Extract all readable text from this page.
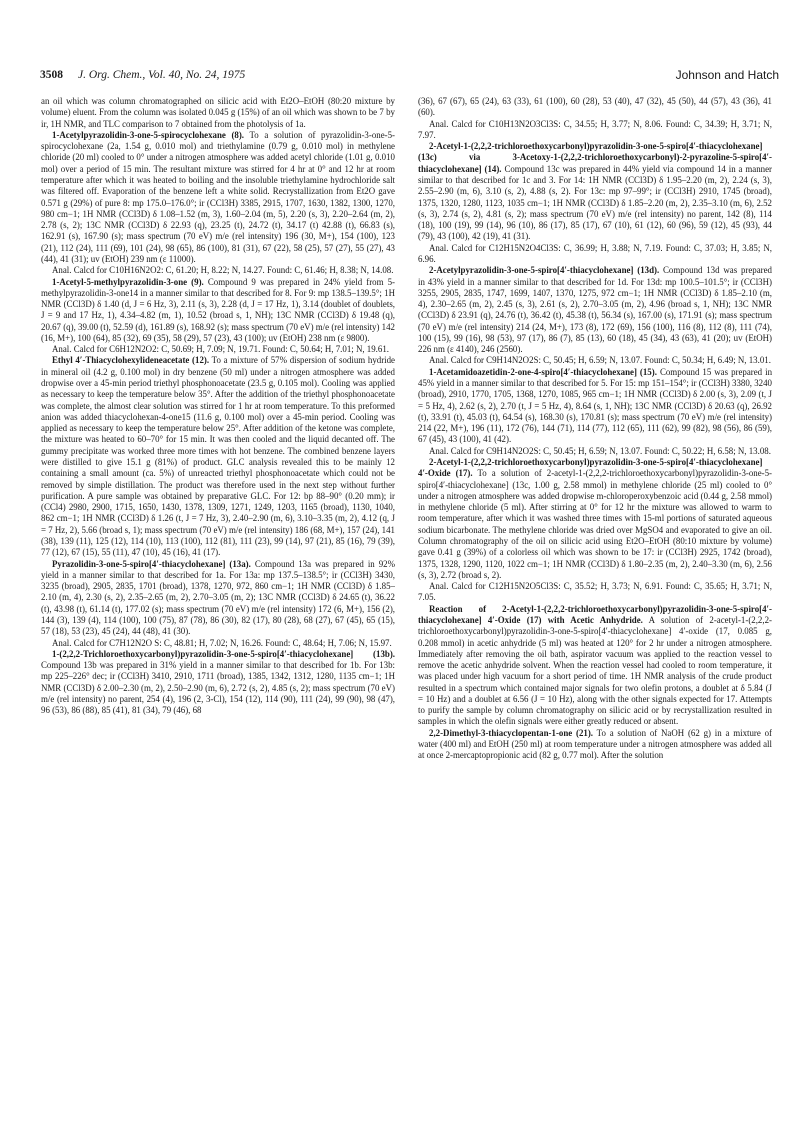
3508 J. Org. Chem., Vol. 40, No. 24, 1975	Johnson and Hatch

an oil which was column chromatographed on silicic acid with Et2O–EtOH (80:20 mixture by volume) eluent. From the column was isolated 0.045 g (15%) of an oil which was shown to be 7 by ir, 1H NMR, and TLC comparison to 7 obtained from the photolysis of 1a.

1-Acetylpyrazolidin-3-one-5-spirocyclohexane (8). To a solution of pyrazolidin-3-one-5-spirocyclohexane (2a, 1.54 g, 0.010 mol) and triethylamine (0.79 g, 0.010 mol) in methylene chloride (20 ml) cooled to 0° under a nitrogen atmosphere was added acetyl chloride (1.01 g, 0.010 mol) over a period of 15 min. The resultant mixture was stirred for 4 hr at 0° and 12 hr at room temperature after which it was heated to boiling and the insoluble triethylamine hydrochloride salt was filtered off. Evaporation of the benzene left a white solid. Recrystallization from Et2O gave 0.571 g (29%) of pure 8: mp 175.0–176.0°; ir (CCl3H) 3385, 2915, 1707, 1630, 1382, 1300, 1270, 980 cm−1; 1H NMR (CCl3D) δ 1.08–1.52 (m, 3), 1.60–2.04 (m, 5), 2.20 (s, 3), 2.20–2.64 (m, 2), 2.78 (s, 2); 13C NMR (CCl3D) δ 22.93 (q), 23.25 (t), 24.72 (t), 34.17 (t) 42.88 (t), 66.83 (s), 162.91 (s), 167.90 (s); mass spectrum (70 eV) m/e (rel intensity) 196 (30, M+), 154 (100), 123 (21), 112 (24), 111 (69), 101 (24), 98 (65), 86 (100), 81 (31), 67 (22), 58 (25), 57 (27), 55 (27), 43 (44), 41 (31); uv (EtOH) 239 nm (ε 11000).

Anal. Calcd for C10H16N2O2: C, 61.20; H, 8.22; N, 14.27. Found: C, 61.46; H, 8.38; N, 14.08.

1-Acetyl-5-methylpyrazolidin-3-one (9). Compound 9 was prepared in 24% yield from 5-methylpyrazolidin-3-one14 in a manner similar to that described for 8. For 9: mp 138.5–139.5°; 1H NMR (CCl3D) δ 1.40 (d, J = 6 Hz, 3), 2.11 (s, 3), 2.28 (d, J = 17 Hz, 1), 3.14 (doublet of doublets, J = 9 and 17 Hz, 1), 4.34–4.82 (m, 1), 10.52 (broad s, 1, NH); 13C NMR (CCl3D) δ 19.48 (q), 20.67 (q), 39.00 (t), 52.59 (d), 161.89 (s), 168.92 (s); mass spectrum (70 eV) m/e (rel intensity) 142 (16, M+), 100 (64), 85 (32), 69 (35), 58 (29), 57 (23), 43 (100); uv (EtOH) 238 nm (ε 9800).

Anal. Calcd for C6H12N2O2: C, 50.69; H, 7.09; N, 19.71. Found: C, 50.64; H, 7.01; N, 19.61.

Ethyl 4′-Thiacyclohexylideneacetate (12). To a mixture of 57% dispersion of sodium hydride in mineral oil (4.2 g, 0.100 mol) in dry benzene (50 ml) under a nitrogen atmosphere was added dropwise over a 45-min period triethyl phosphonoacetate (23.5 g, 0.105 mol). Cooling was applied as necessary to keep the temperature below 35°. After the addition of the triethyl phosphonoacetate was complete, the almost clear solution was stirred for 1 hr at room temperature. To this preformed anion was added thiacyclohexan-4-one15 (11.6 g, 0.100 mol) over a 45-min period. Cooling was applied as necessary to keep the temperature below 25°. After addition of the ketone was complete, the mixture was heated to 60–70° for 15 min. It was then cooled and the liquid decanted off. The gummy precipitate was worked three more times with hot benzene. The combined benzene layers were distilled to give 15.1 g (81%) of product. GLC analysis revealed this to be mainly 12 containing a small amount (ca. 5%) of unreacted triethyl phosphonoacetate which could not be removed by simple distillation. The product was therefore used in the next step without further purification. A pure sample was obtained by preparative GLC. For 12: bp 88–90° (0.20 mm); ir (CCl4) 2980, 2900, 1715, 1650, 1430, 1378, 1309, 1271, 1249, 1203, 1165 (broad), 1130, 1040, 862 cm−1; 1H NMR (CCl3D) δ 1.26 (t, J = 7 Hz, 3), 2.40–2.90 (m, 6), 3.10–3.35 (m, 2), 4.12 (q, J = 7 Hz, 2), 5.66 (broad s, 1); mass spectrum (70 eV) m/e (rel intensity) 186 (68, M+), 157 (24), 141 (38), 139 (11), 125 (12), 114 (10), 113 (100), 112 (81), 111 (23), 99 (14), 97 (21), 85 (16), 79 (39), 77 (12), 67 (15), 55 (11), 47 (10), 45 (16), 41 (17).

Pyrazolidin-3-one-5-spiro[4′-thiacyclohexane] (13a). Compound 13a was prepared in 92% yield in a manner similar to that described for 1a. For 13a: mp 137.5–138.5°; ir (CCl3H) 3430, 3235 (broad), 2905, 2835, 1701 (broad), 1378, 1270, 972, 860 cm−1; 1H NMR (CCl3D) δ 1.85–2.10 (m, 4), 2.30 (s, 2), 2.35–2.65 (m, 2), 2.70–3.05 (m, 2); 13C NMR (CCl3D) δ 24.65 (t), 36.22 (t), 43.98 (t), 61.14 (t), 177.02 (s); mass spectrum (70 eV) m/e (rel intensity) 172 (6, M+), 156 (2), 144 (3), 139 (4), 114 (100), 100 (75), 87 (78), 86 (30), 82 (17), 80 (28), 68 (27), 67 (45), 65 (15), 57 (18), 53 (23), 45 (24), 44 (48), 41 (30).

Anal. Calcd for C7H12N2O S: C, 48.81; H, 7.02; N, 16.26. Found: C, 48.64; H, 7.06; N, 15.97.

1-(2,2,2-Trichloroethoxycarbonyl)pyrazolidin-3-one-5-spiro[4′-thiacyclohexane] (13b). Compound 13b was prepared in 31% yield in a manner similar to that described for 1b. For 13b: mp 225–226° dec; ir (CCl3H) 3410, 2910, 1711 (broad), 1385, 1342, 1312, 1280, 1135 cm−1; 1H NMR (CCl3D) δ 2.00–2.30 (m, 2), 2.50–2.90 (m, 6), 2.72 (s, 2), 4.85 (s, 2); mass spectrum (70 eV) m/e (rel intensity) no parent, 254 (4), 196 (2, 3-Cl), 154 (12), 114 (90), 111 (24), 99 (90), 98 (47), 96 (53), 86 (88), 85 (41), 81 (34), 79 (46), 68

(36), 67 (67), 65 (24), 63 (33), 61 (100), 60 (28), 53 (40), 47 (32), 45 (50), 44 (57), 43 (36), 41 (60).

Anal. Calcd for C10H13N2O3Cl3S: C, 34.55; H, 3.77; N, 8.06. Found: C, 34.39; H, 3.71; N, 7.97.

2-Acetyl-1-(2,2,2-trichloroethoxycarbonyl)pyrazolidin-3-one-5-spiro[4′-thiacyclohexane] (13c) via 3-Acetoxy-1-(2,2,2-trichloroethoxycarbonyl)-2-pyrazoline-5-spiro[4′-thiacyclohexane] (14). Compound 13c was prepared in 44% yield via compound 14 in a manner similar to that described for 1c and 3. For 14: 1H NMR (CCl3D) δ 1.95–2.20 (m, 2), 2.24 (s, 3), 2.55–2.90 (m, 6), 3.10 (s, 2), 4.88 (s, 2). For 13c: mp 97–99°; ir (CCl3H) 2910, 1745 (broad), 1375, 1320, 1280, 1123, 1035 cm−1; 1H NMR (CCl3D) δ 1.85–2.20 (m, 2), 2.35–3.10 (m, 6), 2.52 (s, 3), 2.74 (s, 2), 4.81 (s, 2); mass spectrum (70 eV) m/e (rel intensity) no parent, 142 (8), 114 (18), 100 (19), 99 (14), 96 (10), 86 (17), 85 (17), 67 (10), 61 (12), 60 (96), 59 (12), 45 (93), 44 (79), 43 (100), 42 (19), 41 (31).

Anal. Calcd for C12H15N2O4Cl3S: C, 36.99; H, 3.88; N, 7.19. Found: C, 37.03; H, 3.85; N, 6.96.

2-Acetylpyrazolidin-3-one-5-spiro[4′-thiacyclohexane] (13d). Compound 13d was prepared in 43% yield in a manner similar to that described for 1d. For 13d: mp 100.5–101.5°; ir (CCl3H) 3255, 2905, 2835, 1747, 1699, 1407, 1370, 1275, 972 cm−1; 1H NMR (CCl3D) δ 1.85–2.10 (m, 4), 2.30–2.65 (m, 2), 2.45 (s, 3), 2.61 (s, 2), 2.70–3.05 (m, 2), 4.96 (broad s, 1, NH); 13C NMR (CCl3D) δ 23.91 (q), 24.76 (t), 36.42 (t), 45.38 (t), 56.34 (s), 167.00 (s), 171.91 (s); mass spectrum (70 eV) m/e (rel intensity) 214 (24, M+), 173 (8), 172 (69), 156 (100), 116 (8), 112 (8), 111 (74), 100 (15), 99 (16), 98 (53), 97 (17), 86 (7), 85 (13), 60 (18), 45 (34), 43 (63), 41 (20); uv (EtOH) 226 nm (ε 4140), 246 (2560).

Anal. Calcd for C9H14N2O2S: C, 50.45; H, 6.59; N, 13.07. Found: C, 50.34; H, 6.49; N, 13.01.

1-Acetamidoazetidin-2-one-4-spiro[4′-thiacyclohexane] (15). Compound 15 was prepared in 45% yield in a manner similar to that described for 5. For 15: mp 151–154°; ir (CCl3H) 3380, 3240 (broad), 2910, 1770, 1705, 1368, 1270, 1085, 965 cm−1; 1H NMR (CCl3D) δ 2.00 (s, 3), 2.09 (t, J = 5 Hz, 4), 2.62 (s, 2), 2.70 (t, J = 5 Hz, 4), 8.64 (s, 1, NH); 13C NMR (CCl3D) δ 20.63 (q), 26.92 (t), 33.91 (t), 45.03 (t), 64.54 (s), 168.30 (s), 170.81 (s); mass spectrum (70 eV) m/e (rel intensity) 214 (22, M+), 196 (11), 172 (76), 144 (71), 114 (77), 112 (65), 111 (62), 99 (82), 98 (56), 86 (59), 67 (45), 43 (100), 41 (42).

Anal. Calcd for C9H14N2O2S: C, 50.45; H, 6.59; N, 13.07. Found: C, 50.22; H, 6.58; N, 13.08.

2-Acetyl-1-(2,2,2-trichloroethoxycarbonyl)pyrazolidin-3-one-5-spiro[4′-thiacyclohexane] 4′-Oxide (17). To a solution of 2-acetyl-1-(2,2,2-trichloroethoxycarbonyl)pyrazolidin-3-one-5-spiro[4′-thiacyclohexane] (13c, 1.00 g, 2.58 mmol) in methylene chloride (25 ml) cooled to 0° under a nitrogen atmosphere was added dropwise m-chloroperoxybenzoic acid (0.44 g, 2.58 mmol) in methylene chloride (5 ml). After stirring at 0° for 12 hr the mixture was allowed to warm to room temperature, after which it was washed three times with 15-ml portions of saturated aqueous sodium bicarbonate. The methylene chloride was dried over MgSO4 and evaporated to give an oil. Column chromatography of the oil on silicic acid using Et2O–EtOH (80:10 mixture by volume) gave 0.41 g (39%) of a colorless oil which was shown to be 17: ir (CCl3H) 2925, 1742 (broad), 1375, 1328, 1290, 1120, 1022 cm−1; 1H NMR (CCl3D) δ 1.80–2.35 (m, 2), 2.40–3.30 (m, 6), 2.56 (s, 3), 2.72 (broad s, 2).

Anal. Calcd for C12H15N2O5Cl3S: C, 35.52; H, 3.73; N, 6.91. Found: C, 35.65; H, 3.71; N, 7.05.

Reaction of 2-Acetyl-1-(2,2,2-trichloroethoxycarbonyl)pyrazolidin-3-one-5-spiro[4′-thiacyclohexane] 4′-Oxide (17) with Acetic Anhydride. A solution of 2-acetyl-1-(2,2,2-trichloroethoxycarbonyl)pyrazolidin-3-one-5-spiro[4′-thiacyclohexane] 4′-oxide (17, 0.085 g, 0.208 mmol) in acetic anhydride (5 ml) was heated at 120° for 2 hr under a nitrogen atmosphere. Immediately after removing the oil bath, aspirator vacuum was applied to the reaction vessel to remove the acetic anhydride solvent. When the reaction vessel had cooled to room temperature, it was placed under high vacuum for a short period of time. 1H NMR analysis of the crude product resulted in a spectrum which contained major signals for two olefin protons, a doublet at δ 5.84 (J = 10 Hz) and a doublet at 6.56 (J = 10 Hz), along with the other signals expected for 17. Attempts to purify the sample by column chromatography on silicic acid or by recrystallization resulted in samples in which the olefin signals were either greatly reduced or absent.

2,2-Dimethyl-3-thiacyclopentan-1-one (21). To a solution of NaOH (62 g) in a mixture of water (400 ml) and EtOH (250 ml) at room temperature under a nitrogen atmosphere was added all at once 2-mercaptopropionic acid (82 g, 0.77 mol). After the solution
